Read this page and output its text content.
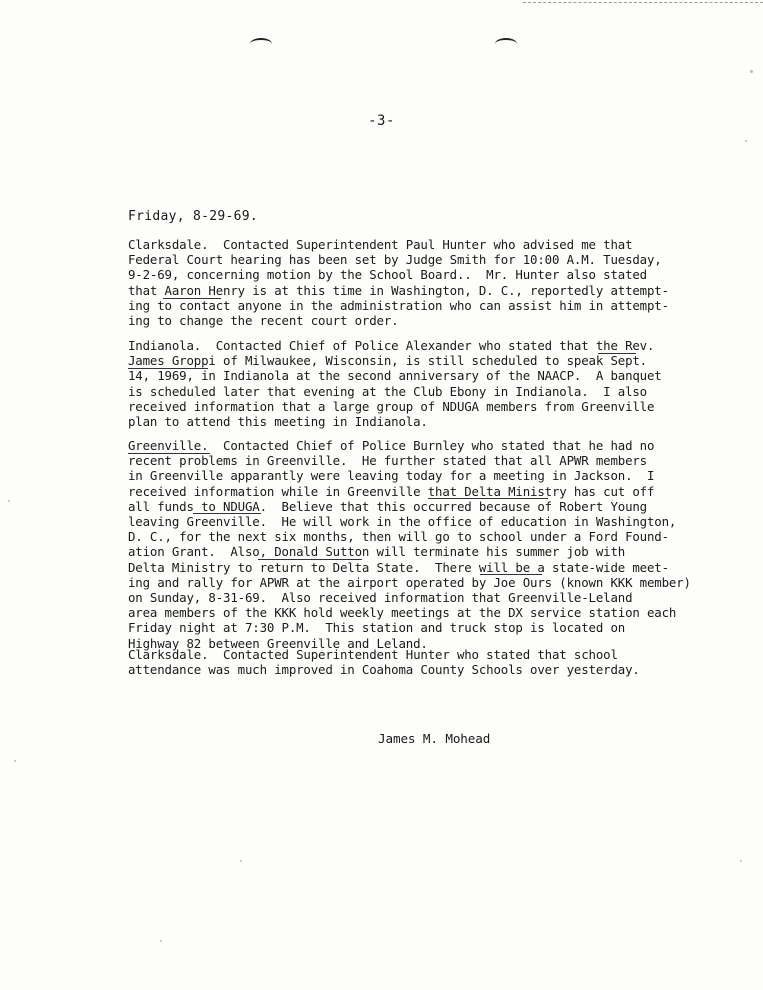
-3-
Friday, 8-29-69.
Clarksdale.  Contacted Superintendent Paul Hunter who advised me that
Federal Court hearing has been set by Judge Smith for 10:00 A.M. Tuesday,
9-2-69, concerning motion by the School Board..  Mr. Hunter also stated
that Aaron Henry is at this time in Washington, D. C., reportedly attempt-
ing to contact anyone in the administration who can assist him in attempt-
ing to change the recent court order.
Indianola.  Contacted Chief of Police Alexander who stated that the Rev.
James Groppi of Milwaukee, Wisconsin, is still scheduled to speak Sept.
14, 1969, in Indianola at the second anniversary of the NAACP.  A banquet
is scheduled later that evening at the Club Ebony in Indianola.  I also
received information that a large group of NDUGA members from Greenville
plan to attend this meeting in Indianola.
Greenville.  Contacted Chief of Police Burnley who stated that he had no
recent problems in Greenville.  He further stated that all APWR members
in Greenville apparantly were leaving today for a meeting in Jackson.  I
received information while in Greenville that Delta Ministry has cut off
all funds to NDUGA.  Believe that this occurred because of Robert Young
leaving Greenville.  He will work in the office of education in Washington,
D. C., for the next six months, then will go to school under a Ford Found-
ation Grant.  Also, Donald Sutton will terminate his summer job with
Delta Ministry to return to Delta State.  There will be a state-wide meet-
ing and rally for APWR at the airport operated by Joe Ours (known KKK member)
on Sunday, 8-31-69.  Also received information that Greenville-Leland
area members of the KKK hold weekly meetings at the DX service station each
Friday night at 7:30 P.M.  This station and truck stop is located on
Highway 82 between Greenville and Leland.
Clarksdale.  Contacted Superintendent Hunter who stated that school
attendance was much improved in Coahoma County Schools over yesterday.
James M. Mohead
